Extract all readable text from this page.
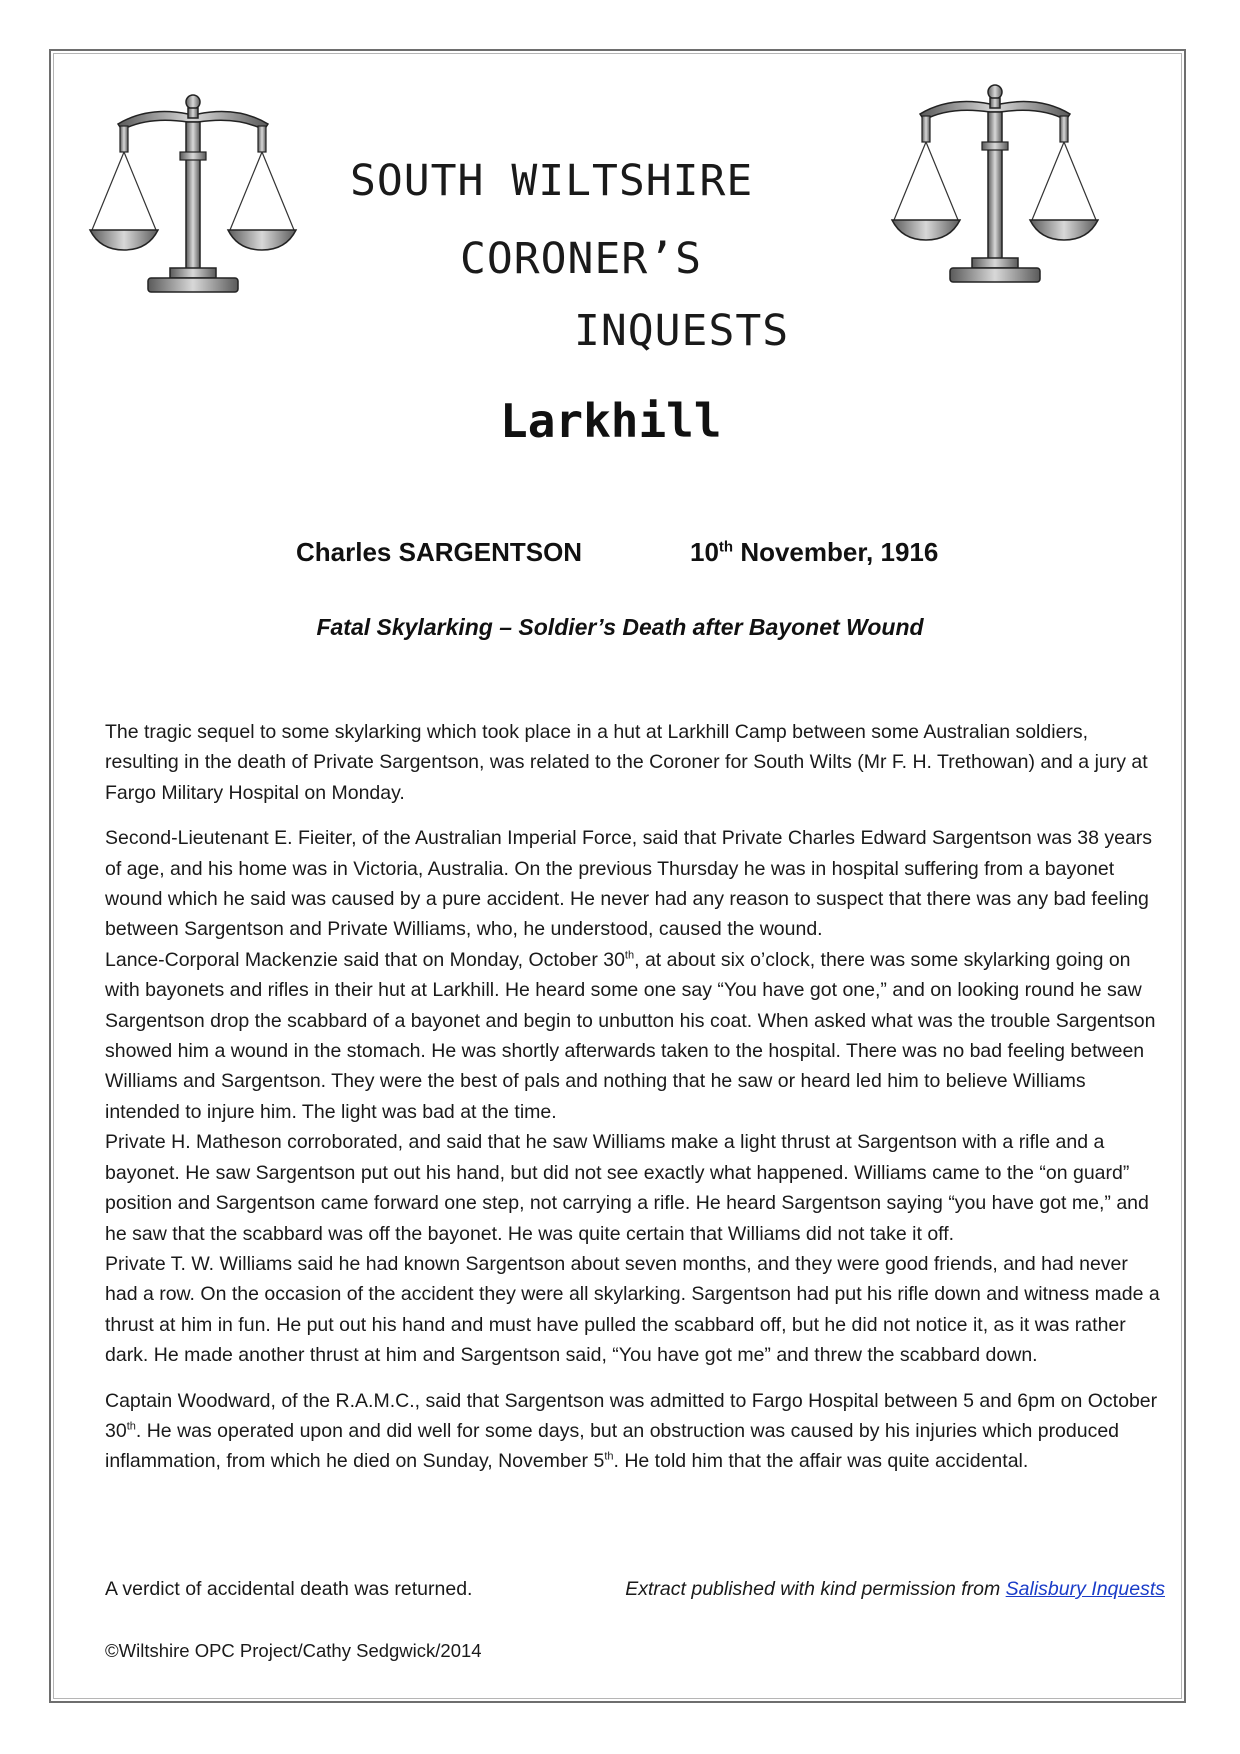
SOUTH WILTSHIRE
CORONER’S
INQUESTS
Larkhill
Charles SARGENTSON	10th November, 1916
Fatal Skylarking – Soldier’s Death after Bayonet Wound

The tragic sequel to some skylarking which took place in a hut at Larkhill Camp between some Australian soldiers, resulting in the death of Private Sargentson, was related to the Coroner for South Wilts (Mr F. H. Trethowan) and a jury at Fargo Military Hospital on Monday.

Second-Lieutenant E. Fieiter, of the Australian Imperial Force, said that Private Charles Edward Sargentson was 38 years of age, and his home was in Victoria, Australia. On the previous Thursday he was in hospital suffering from a bayonet wound which he said was caused by a pure accident. He never had any reason to suspect that there was any bad feeling between Sargentson and Private Williams, who, he understood, caused the wound.

Lance-Corporal Mackenzie said that on Monday, October 30th, at about six o’clock, there was some skylarking going on with bayonets and rifles in their hut at Larkhill. He heard some one say “You have got one,” and on looking round he saw Sargentson drop the scabbard of a bayonet and begin to unbutton his coat. When asked what was the trouble Sargentson showed him a wound in the stomach. He was shortly afterwards taken to the hospital. There was no bad feeling between Williams and Sargentson. They were the best of pals and nothing that he saw or heard led him to believe Williams intended to injure him. The light was bad at the time.

Private H. Matheson corroborated, and said that he saw Williams make a light thrust at Sargentson with a rifle and a bayonet. He saw Sargentson put out his hand, but did not see exactly what happened. Williams came to the “on guard” position and Sargentson came forward one step, not carrying a rifle. He heard Sargentson saying “you have got me,” and he saw that the scabbard was off the bayonet. He was quite certain that Williams did not take it off.

Private T. W. Williams said he had known Sargentson about seven months, and they were good friends, and had never had a row. On the occasion of the accident they were all skylarking. Sargentson had put his rifle down and witness made a thrust at him in fun. He put out his hand and must have pulled the scabbard off, but he did not notice it, as it was rather dark. He made another thrust at him and Sargentson said, “You have got me” and threw the scabbard down.

Captain Woodward, of the R.A.M.C., said that Sargentson was admitted to Fargo Hospital between 5 and 6pm on October 30th. He was operated upon and did well for some days, but an obstruction was caused by his injuries which produced inflammation, from which he died on Sunday, November 5th. He told him that the affair was quite accidental.

A verdict of accidental death was returned.	Extract published with kind permission from Salisbury Inquests
©Wiltshire OPC Project/Cathy Sedgwick/2014
